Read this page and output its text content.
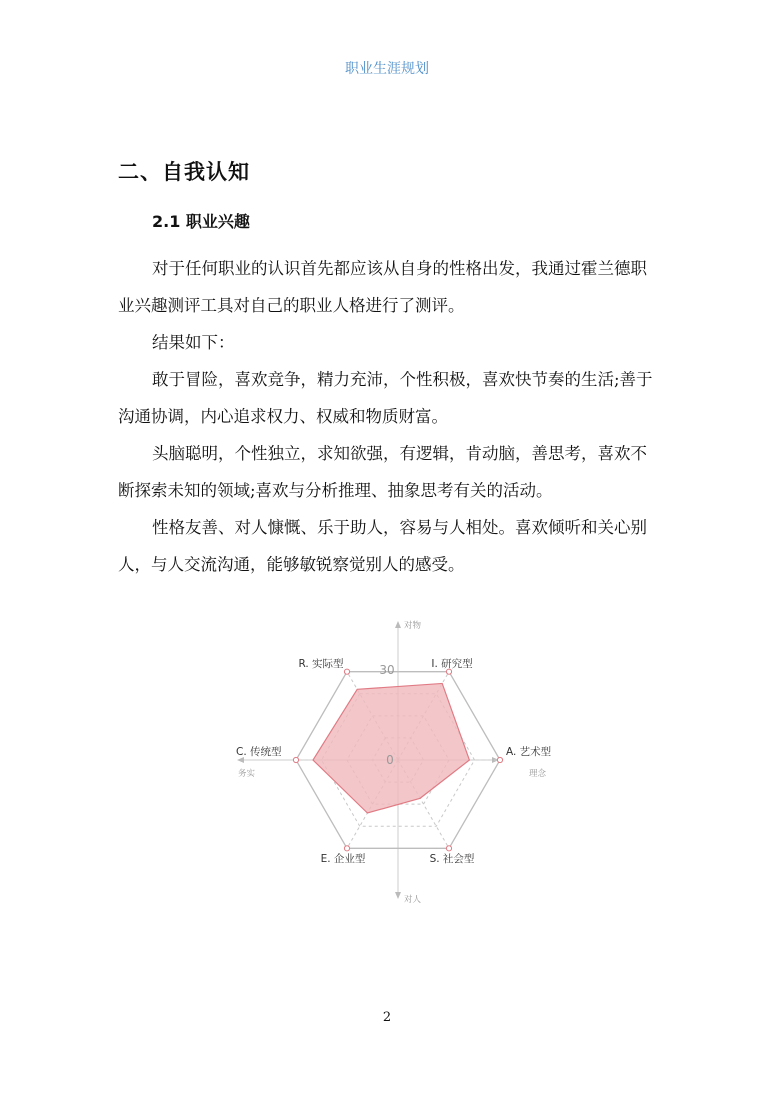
职业生涯规划
二、自我认知
2.1 职业兴趣

对于任何职业的认识首先都应该从自身的性格出发，我通过霍兰德职业兴趣测评工具对自己的职业人格进行了测评。

结果如下：

敢于冒险，喜欢竞争，精力充沛，个性积极，喜欢快节奏的生活;善于沟通协调，内心追求权力、权威和物质财富。

头脑聪明，个性独立，求知欲强，有逻辑，肯动脑，善思考，喜欢不断探索未知的领域;喜欢与分析推理、抽象思考有关的活动。

性格友善、对人慷慨、乐于助人，容易与人相处。喜欢倾听和关心别人，与人交流沟通，能够敏锐察觉别人的感受。

30
0
R. 实际型	I. 研究型
A. 艺术型
S. 社会型
E. 企业型
C. 传统型
对物
对人
务实	理念
2
